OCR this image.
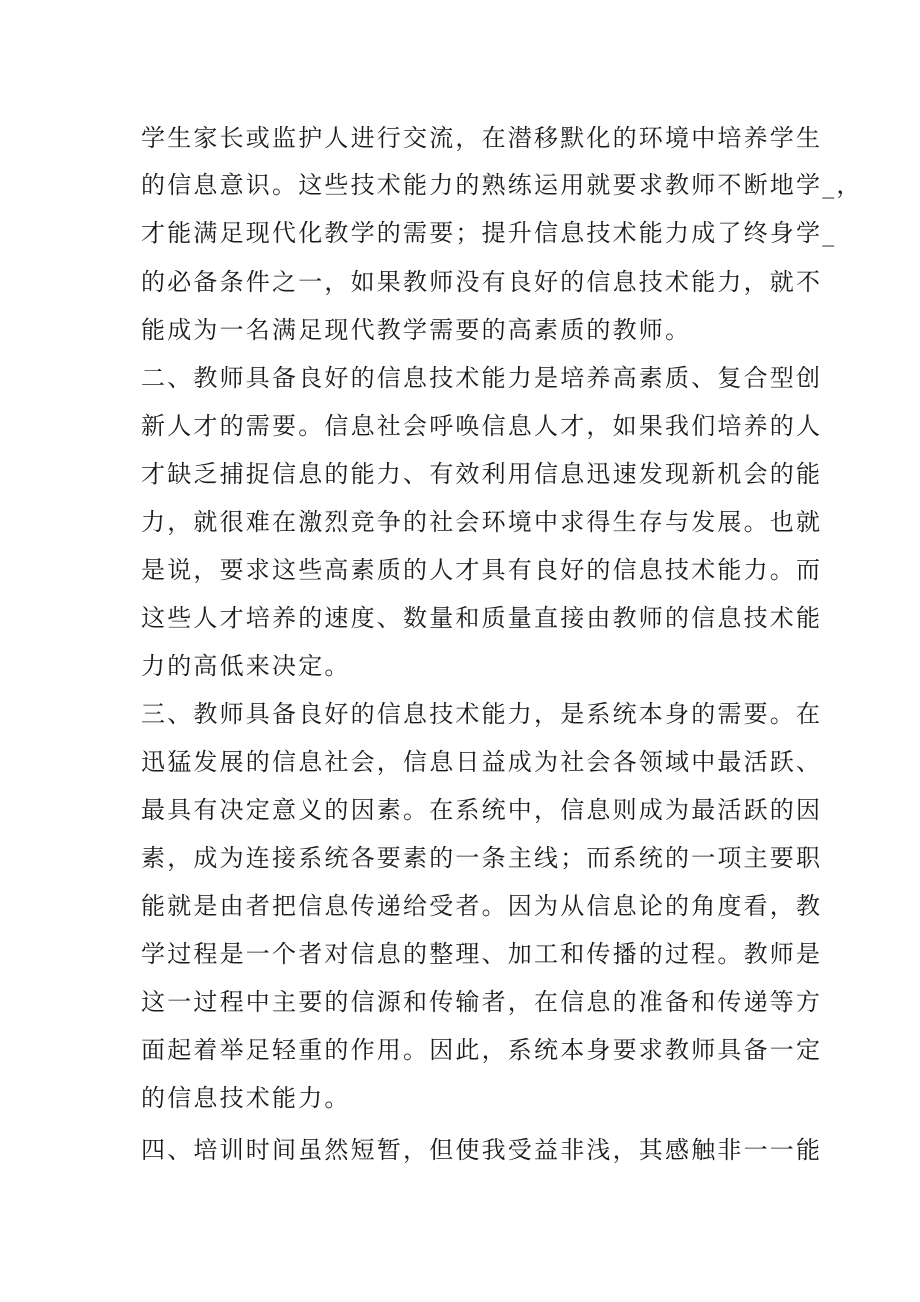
学生家长或监护人进行交流，在潜移默化的环境中培养学生
的信息意识。这些技术能力的熟练运用就要求教师不断地学_，
才能满足现代化教学的需要；提升信息技术能力成了终身学_
的必备条件之一，如果教师没有良好的信息技术能力，就不
能成为一名满足现代教学需要的高素质的教师。
二、教师具备良好的信息技术能力是培养高素质、复合型创
新人才的需要。信息社会呼唤信息人才，如果我们培养的人
才缺乏捕捉信息的能力、有效利用信息迅速发现新机会的能
力，就很难在激烈竞争的社会环境中求得生存与发展。也就
是说，要求这些高素质的人才具有良好的信息技术能力。而
这些人才培养的速度、数量和质量直接由教师的信息技术能
力的高低来决定。
三、教师具备良好的信息技术能力，是系统本身的需要。在
迅猛发展的信息社会，信息日益成为社会各领域中最活跃、
最具有决定意义的因素。在系统中，信息则成为最活跃的因
素，成为连接系统各要素的一条主线；而系统的一项主要职
能就是由者把信息传递给受者。因为从信息论的角度看，教
学过程是一个者对信息的整理、加工和传播的过程。教师是
这一过程中主要的信源和传输者，在信息的准备和传递等方
面起着举足轻重的作用。因此，系统本身要求教师具备一定
的信息技术能力。
四、培训时间虽然短暂，但使我受益非浅，其感触非一一能
